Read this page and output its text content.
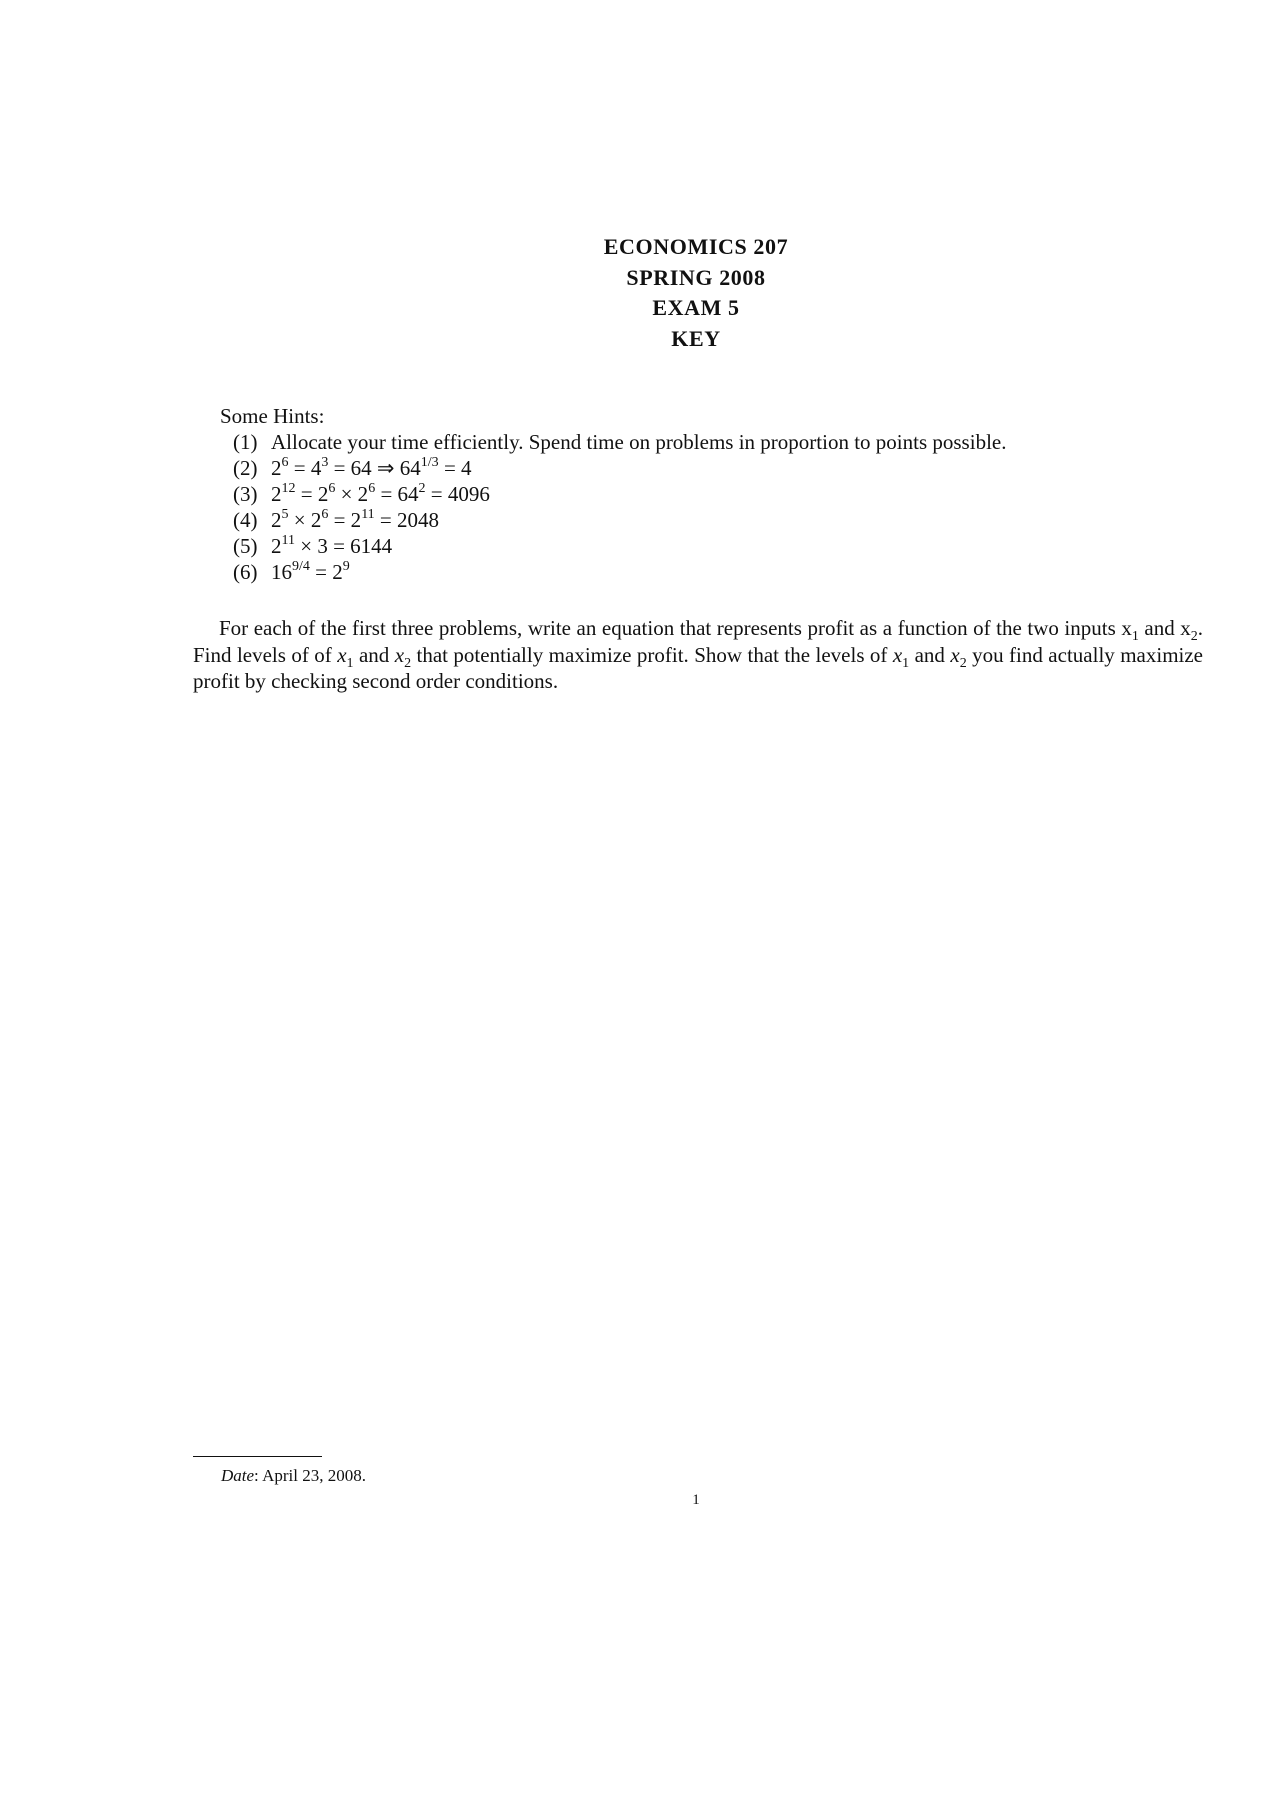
ECONOMICS 207
SPRING 2008
EXAM 5
KEY
Some Hints:
(1) Allocate your time efficiently. Spend time on problems in proportion to points possible.
(2) $2^6 = 4^3 = 64$ ⇒ $64^{1/3} = 4$
(3) $2^{12} = 2^6 \times 2^6 = 64^2 = 4096$
(4) $2^5 \times 2^6 = 2^{11} = 2048$
(5) $2^{11} \times 3 = 6144$
(6) $16^{9/4} = 2^9$

For each of the first three problems, write an equation that represents profit as a function of the two inputs $x_1$ and $x_2$. Find levels of of $x_1$ and $x_2$ that potentially maximize profit. Show that the levels of $x_1$ and $x_2$ you find actually maximize profit by checking second order conditions.

Date: April 23, 2008.
1
